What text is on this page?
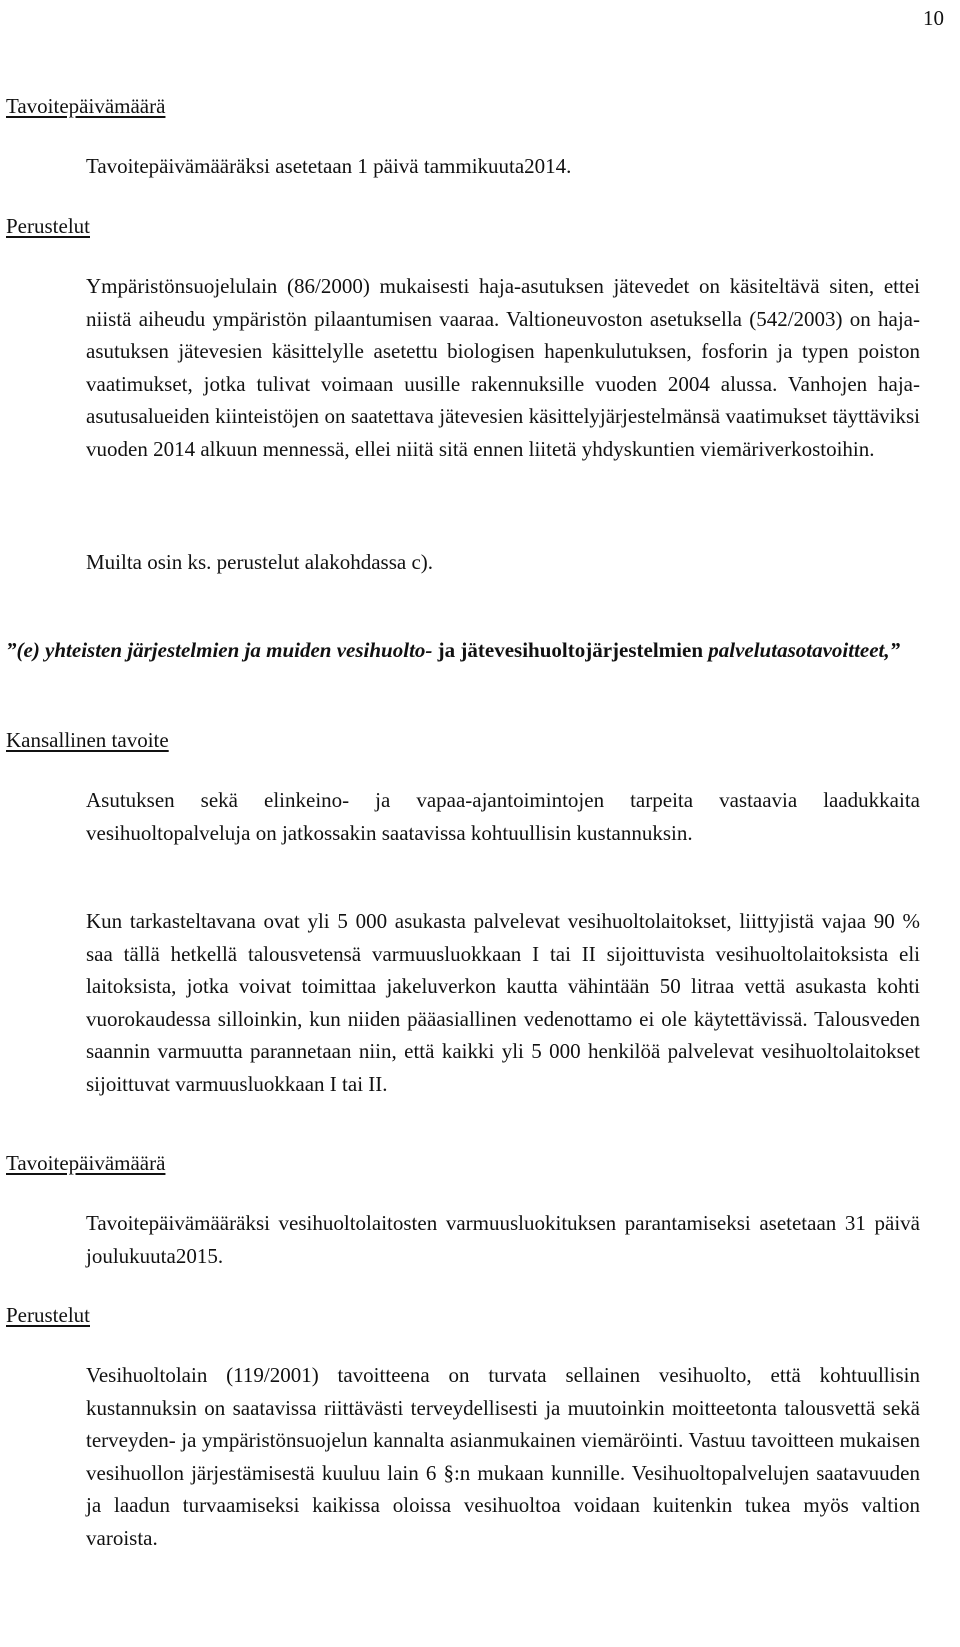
10
Tavoitepäivämäärä
Tavoitepäivämääräksi asetetaan 1 päivä tammikuuta2014.
Perustelut
Ympäristönsuojelulain (86/2000) mukaisesti haja-asutuksen jätevedet on käsiteltävä siten, ettei niistä aiheudu ympäristön pilaantumisen vaaraa. Valtioneuvoston asetuksella (542/2003) on haja-asutuksen jätevesien käsittelylle asetettu biologisen hapenkulutuksen, fosforin ja typen poiston vaatimukset, jotka tulivat voimaan uusille rakennuksille vuoden 2004 alussa. Vanhojen haja-asutusalueiden kiinteistöjen on saatettava jätevesien käsittelyjärjestelmänsä vaatimukset täyttäviksi vuoden 2014 alkuun mennessä, ellei niitä sitä ennen liitetä yhdyskuntien viemäriverkostoihin.
Muilta osin ks. perustelut alakohdassa c).
”(e) yhteisten järjestelmien ja muiden vesihuolto- ja jätevesihuoltojärjestelmien palvelutasotavoitteet,”
Kansallinen tavoite
Asutuksen sekä elinkeino- ja vapaa-ajantoimintojen tarpeita vastaavia laadukkaita vesihuoltopalveluja on jatkossakin saatavissa kohtuullisin kustannuksin.
Kun tarkasteltavana ovat yli 5 000 asukasta palvelevat vesihuoltolaitokset, liittyjistä vajaa 90 % saa tällä hetkellä talousvetensä varmuusluokkaan I tai II sijoittuvista vesihuoltolaitoksista eli laitoksista, jotka voivat toimittaa jakeluverkon kautta vähintään 50 litraa vettä asukasta kohti vuorokaudessa silloinkin, kun niiden pääasiallinen vedenottamo ei ole käytettävissä. Talousveden saannin varmuutta parannetaan niin, että kaikki yli 5 000 henkilöä palvelevat vesihuoltolaitokset sijoittuvat varmuusluokkaan I tai II.
Tavoitepäivämäärä
Tavoitepäivämääräksi vesihuoltolaitosten varmuusluokituksen parantamiseksi asetetaan 31 päivä joulukuuta2015.
Perustelut
Vesihuoltolain (119/2001) tavoitteena on turvata sellainen vesihuolto, että kohtuullisin kustannuksin on saatavissa riittävästi terveydellisesti ja muutoinkin moitteetonta talousvettä sekä terveyden- ja ympäristönsuojelun kannalta asianmukainen viemäröinti. Vastuu tavoitteen mukaisen vesihuollon järjestämisestä kuuluu lain 6 §:n mukaan kunnille. Vesihuoltopalvelujen saatavuuden ja laadun turvaamiseksi kaikissa oloissa vesihuoltoa voidaan kuitenkin tukea myös valtion varoista.
